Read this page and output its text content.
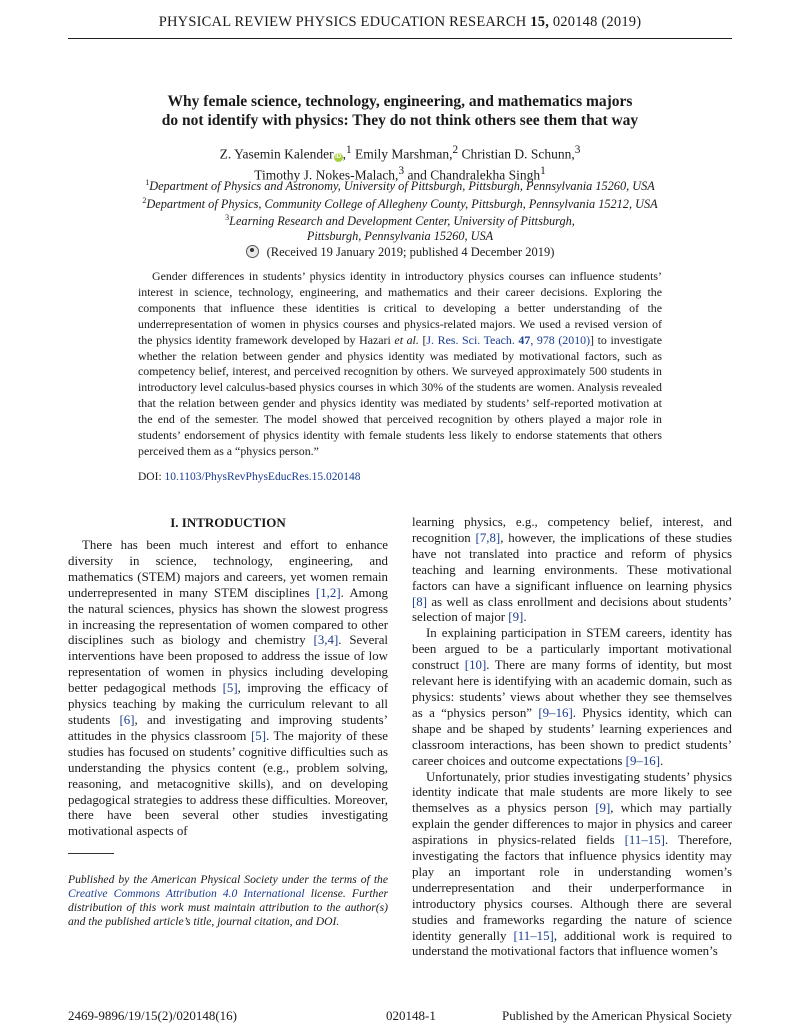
PHYSICAL REVIEW PHYSICS EDUCATION RESEARCH 15, 020148 (2019)
Why female science, technology, engineering, and mathematics majors
do not identify with physics: They do not think others see them that way
Z. Yasemin Kalender iD ,$^1$ Emily Marshman,$^2$ Christian D. Schunn,$^3$
Timothy J. Nokes-Malach,$^3$ and Chandralekha Singh$^1$
$^1$Department of Physics and Astronomy, University of Pittsburgh, Pittsburgh, Pennsylvania 15260, USA
$^2$Department of Physics, Community College of Allegheny County, Pittsburgh, Pennsylvania 15212, USA
$^3$Learning Research and Development Center, University of Pittsburgh,
Pittsburgh, Pennsylvania 15260, USA
(Received 19 January 2019; published 4 December 2019)
Gender differences in students’ physics identity in introductory physics courses can influence students’ interest in science, technology, engineering, and mathematics and their career decisions. Exploring the components that influence these identities is critical to developing a better understanding of the underrepresentation of women in physics courses and physics-related majors. We used a revised version of the physics identity framework developed by Hazari et al. [J. Res. Sci. Teach. 47, 978 (2010)] to investigate whether the relation between gender and physics identity was mediated by motivational factors, such as competency belief, interest, and perceived recognition by others. We surveyed approximately 500 students in introductory level calculus-based physics courses in which 30% of the students are women. Analysis revealed that the relation between gender and physics identity was mediated by students’ self-reported motivation at the end of the semester. The model showed that perceived recognition by others played a major role in students’ endorsement of physics identity with female students less likely to endorse statements that others perceived them as a “physics person.”
DOI: 10.1103/PhysRevPhysEducRes.15.020148
I. INTRODUCTION

There has been much interest and effort to enhance diversity in science, technology, engineering, and mathematics (STEM) majors and careers, yet women remain underrepresented in many STEM disciplines [1,2]. Among the natural sciences, physics has shown the slowest progress in increasing the representation of women compared to other disciplines such as biology and chemistry [3,4]. Several interventions have been proposed to address the issue of low representation of women in physics including developing better pedagogical methods [5], improving the efficacy of physics teaching by making the curriculum relevant to all students [6], and investigating and improving students’ attitudes in the physics classroom [5]. The majority of these studies has focused on students’ cognitive difficulties such as understanding the physics content (e.g., problem solving, reasoning, and metacognitive skills), and on developing pedagogical strategies to address these difficulties. Moreover, there have been several other studies investigating motivational aspects of

learning physics, e.g., competency belief, interest, and recognition [7,8], however, the implications of these studies have not translated into practice and reform of physics teaching and learning environments. These motivational factors can have a significant influence on learning physics [8] as well as class enrollment and decisions about students’ selection of major [9].

In explaining participation in STEM careers, identity has been argued to be a particularly important motivational construct [10]. There are many forms of identity, but most relevant here is identifying with an academic domain, such as physics: students’ views about whether they see themselves as a “physics person” [9–16]. Physics identity, which can shape and be shaped by students’ learning experiences and classroom interactions, has been shown to predict students’ career choices and outcome expectations [9–16].

Unfortunately, prior studies investigating students’ physics identity indicate that male students are more likely to see themselves as a physics person [9], which may partially explain the gender differences to major in physics and career aspirations in physics-related fields [11–15]. Therefore, investigating the factors that influence physics identity may play an important role in understanding women’s underrepresentation and their underperformance in introductory physics courses. Although there are several studies and frameworks regarding the nature of science identity generally [11–15], additional work is required to understand the motivational factors that influence women’s

Published by the American Physical Society under the terms of the Creative Commons Attribution 4.0 International license. Further distribution of this work must maintain attribution to the author(s) and the published article’s title, journal citation, and DOI.
2469-9896/19/15(2)/020148(16)	020148-1	Published by the American Physical Society
